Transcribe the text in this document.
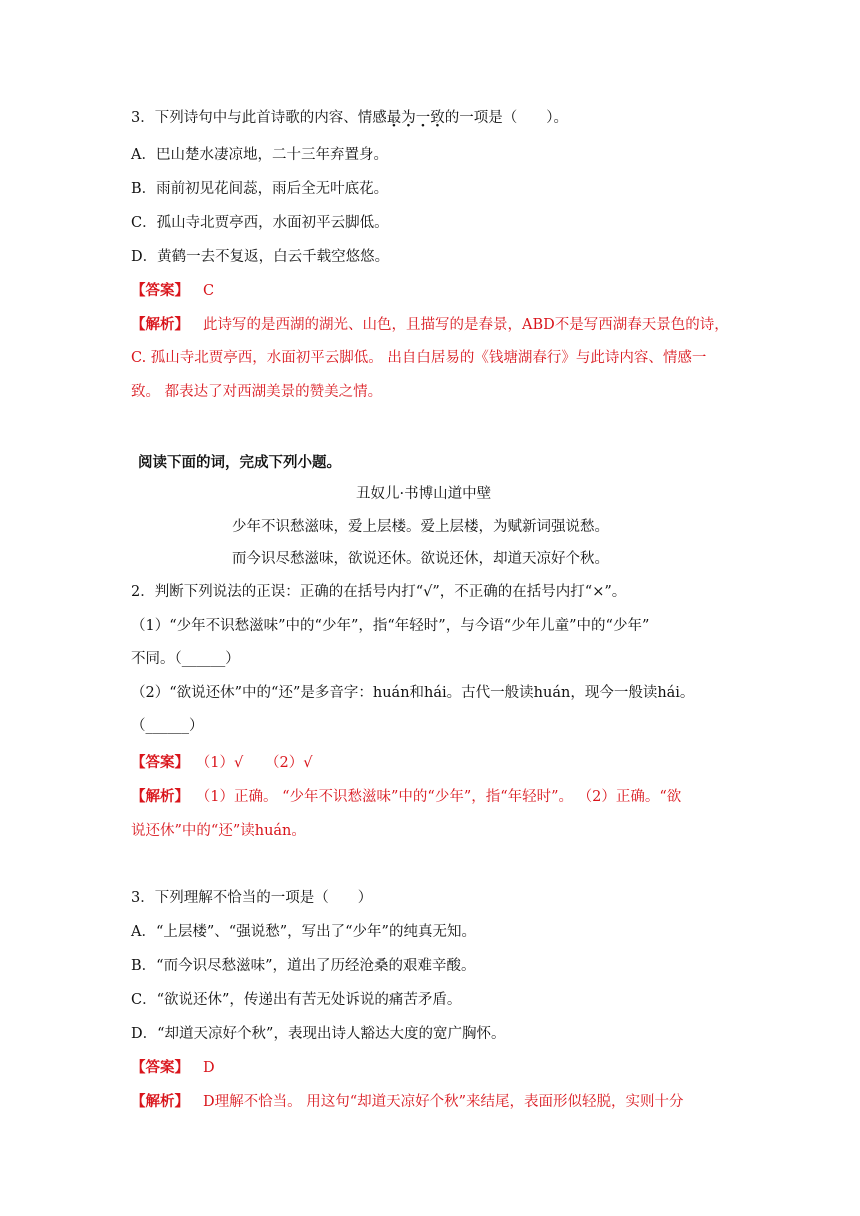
3．下列诗句中与此首诗歌的内容、情感最为一致的一项是（　　）。
A．巴山楚水凄凉地，二十三年弃置身。
B．雨前初见花间蕊，雨后全无叶底花。
C．孤山寺北贾亭西，水面初平云脚低。
D．黄鹤一去不复返，白云千载空悠悠。
【答案】 C
【解析】 此诗写的是西湖的湖光、山色，且描写的是春景，ABD不是写西湖春天景色的诗，
C. 孤山寺北贾亭西，水面初平云脚低。 出自白居易的《钱塘湖春行》与此诗内容、情感一
致。 都表达了对西湖美景的赞美之情。
阅读下面的词，完成下列小题。
丑奴儿·书博山道中壁
少年不识愁滋味，爱上层楼。爱上层楼，为赋新词强说愁。
而今识尽愁滋味，欲说还休。欲说还休，却道天凉好个秋。
2．判断下列说法的正误：正确的在括号内打“√”，不正确的在括号内打“×”。
（1）“少年不识愁滋味”中的“少年”，指“年轻时”，与今语“少年儿童”中的“少年”
不同。（______）
（2）“欲说还休”中的“还”是多音字：huán和hái。古代一般读huán，现今一般读hái。
（______）
【答案】 （1）√　　（2）√
【解析】 （1）正确。 “少年不识愁滋味”中的“少年”，指“年轻时”。 （2）正确。“欲
说还休”中的“还”读huán。
3．下列理解不恰当的一项是（　　）
A．“上层楼”、“强说愁”，写出了“少年”的纯真无知。
B．“而今识尽愁滋味”，道出了历经沧桑的艰难辛酸。
C．“欲说还休”，传递出有苦无处诉说的痛苦矛盾。
D．“却道天凉好个秋”，表现出诗人豁达大度的宽广胸怀。
【答案】 D
【解析】 D理解不恰当。 用这句“却道天凉好个秋”来结尾，表面形似轻脱，实则十分
